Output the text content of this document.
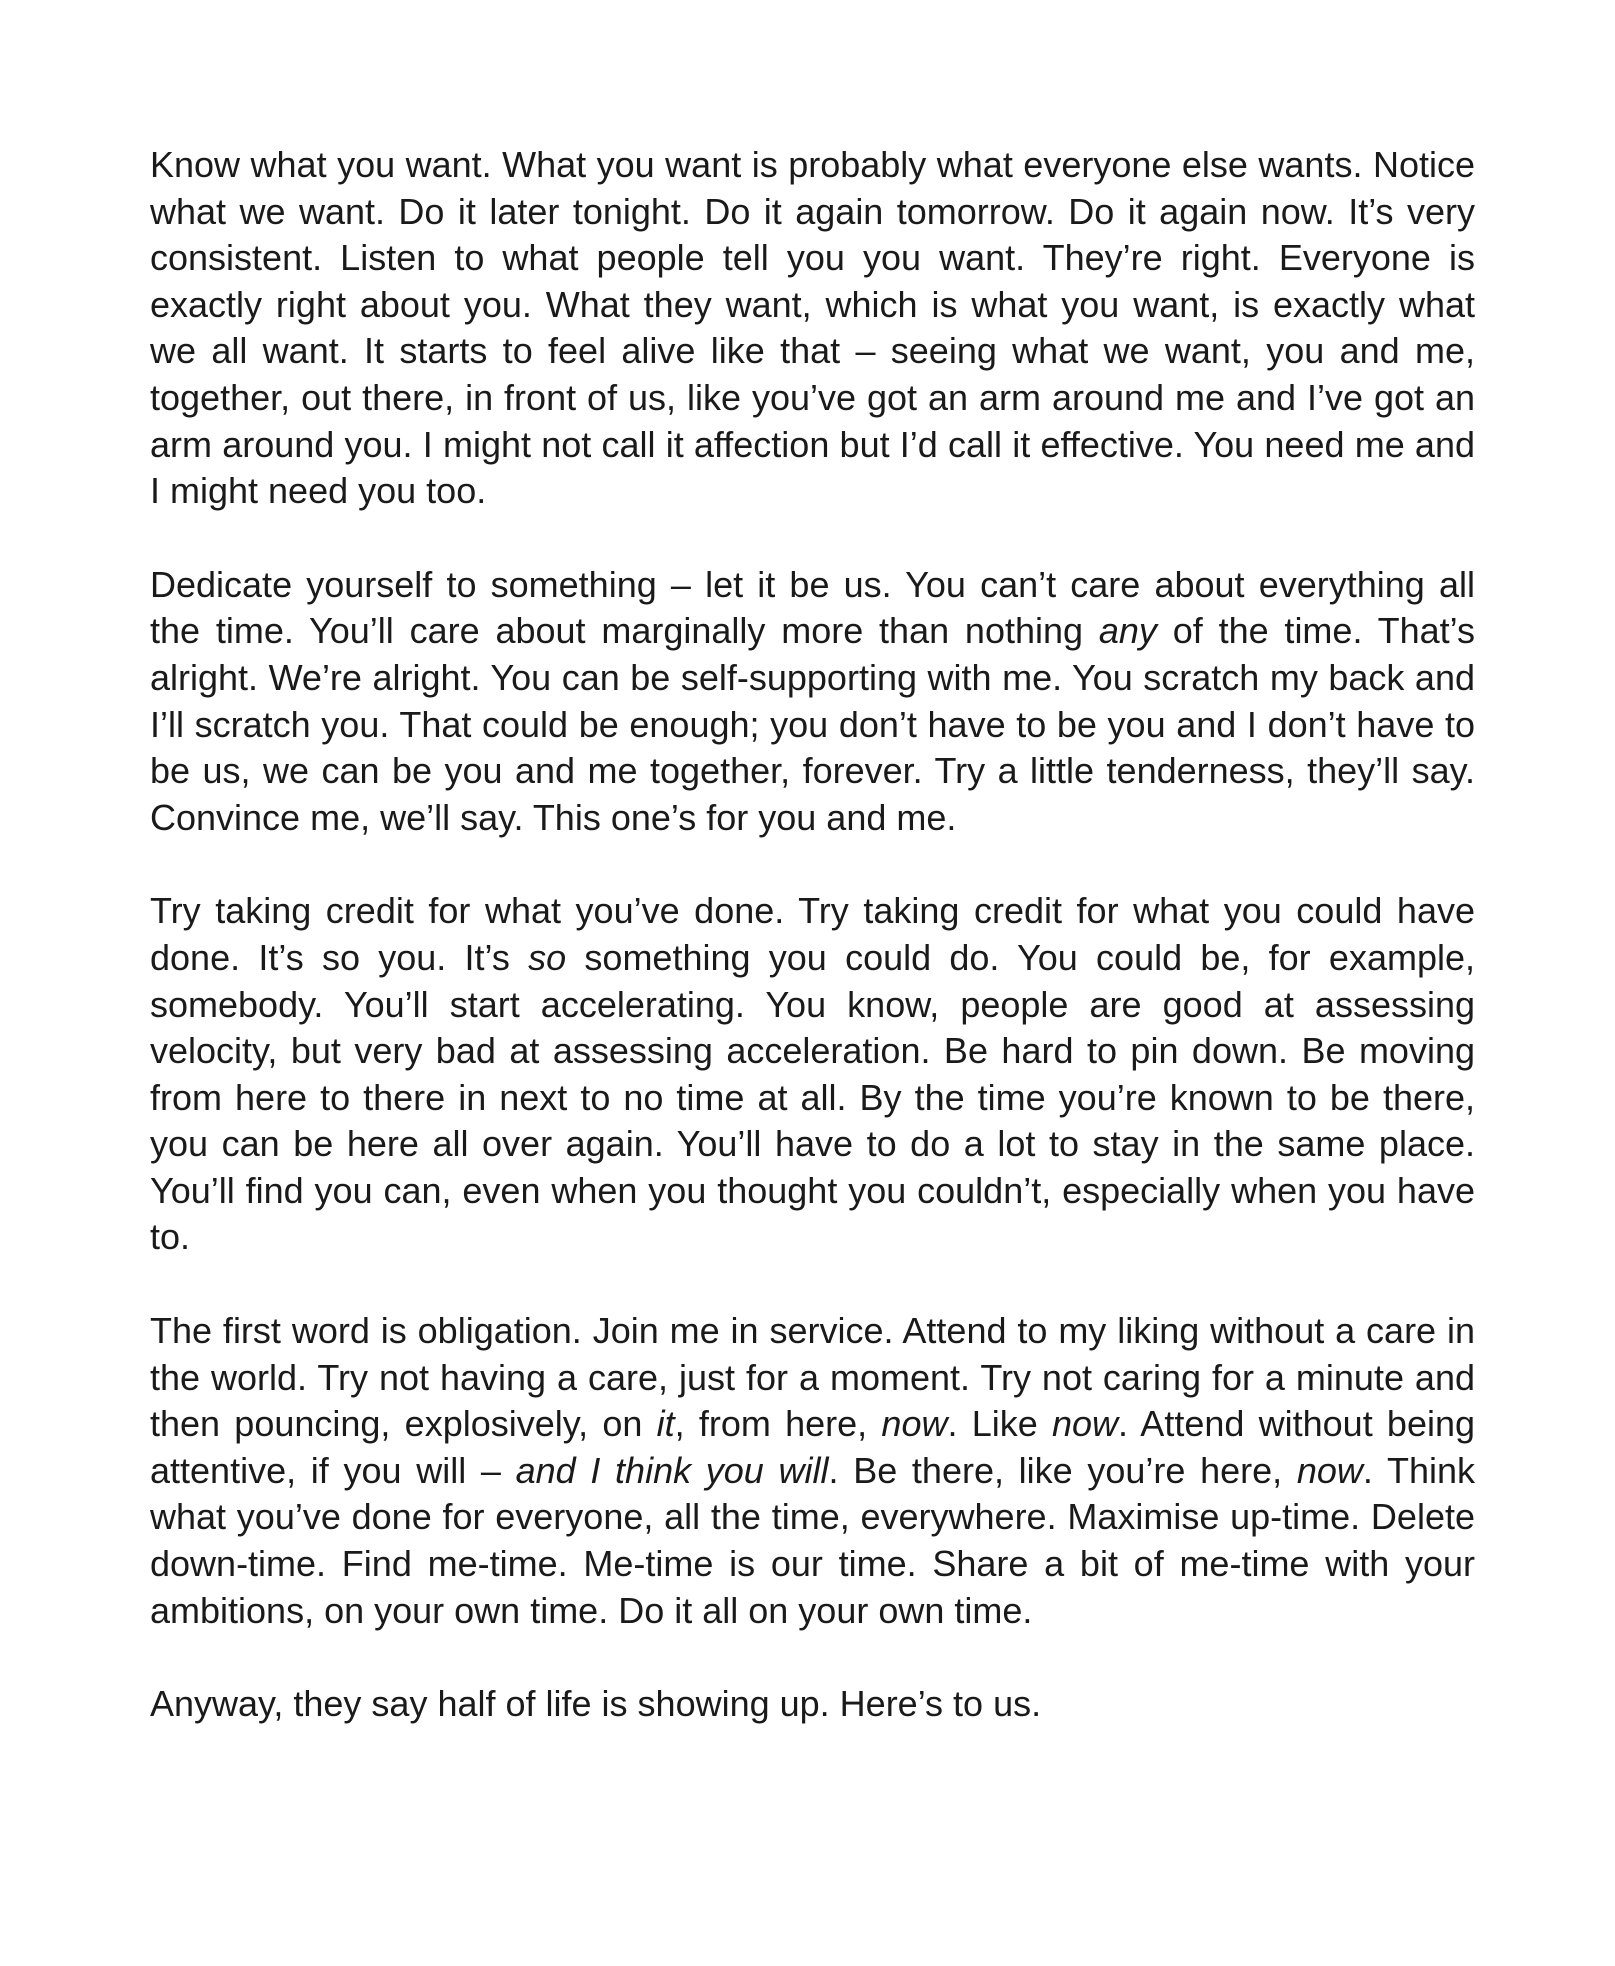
Know what you want. What you want is probably what everyone else wants. Notice what we want. Do it later tonight. Do it again tomorrow. Do it again now. It’s very consistent. Listen to what people tell you you want. They’re right. Everyone is exactly right about you. What they want, which is what you want, is exactly what we all want. It starts to feel alive like that – seeing what we want, you and me, together, out there, in front of us, like you’ve got an arm around me and I’ve got an arm around you. I might not call it affection but I’d call it effective. You need me and I might need you too.

Dedicate yourself to something – let it be us. You can’t care about everything all the time. You’ll care about marginally more than nothing any of the time. That’s alright. We’re alright. You can be self-supporting with me. You scratch my back and I’ll scratch you. That could be enough; you don’t have to be you and I don’t have to be us, we can be you and me together, forever. Try a little tenderness, they’ll say. Convince me, we’ll say. This one’s for you and me.

Try taking credit for what you’ve done. Try taking credit for what you could have done. It’s so you. It’s so something you could do. You could be, for example, somebody. You’ll start accelerating. You know, people are good at assessing velocity, but very bad at assessing acceleration. Be hard to pin down. Be moving from here to there in next to no time at all. By the time you’re known to be there, you can be here all over again. You’ll have to do a lot to stay in the same place. You’ll find you can, even when you thought you couldn’t, especially when you have to.

The first word is obligation. Join me in service. Attend to my liking without a care in the world. Try not having a care, just for a moment. Try not caring for a minute and then pouncing, explosively, on it, from here, now. Like now. Attend without being attentive, if you will – and I think you will. Be there, like you’re here, now. Think what you’ve done for everyone, all the time, everywhere. Maximise up-time. Delete down-time. Find me-time. Me-time is our time. Share a bit of me-time with your ambitions, on your own time. Do it all on your own time.

Anyway, they say half of life is showing up. Here’s to us.
